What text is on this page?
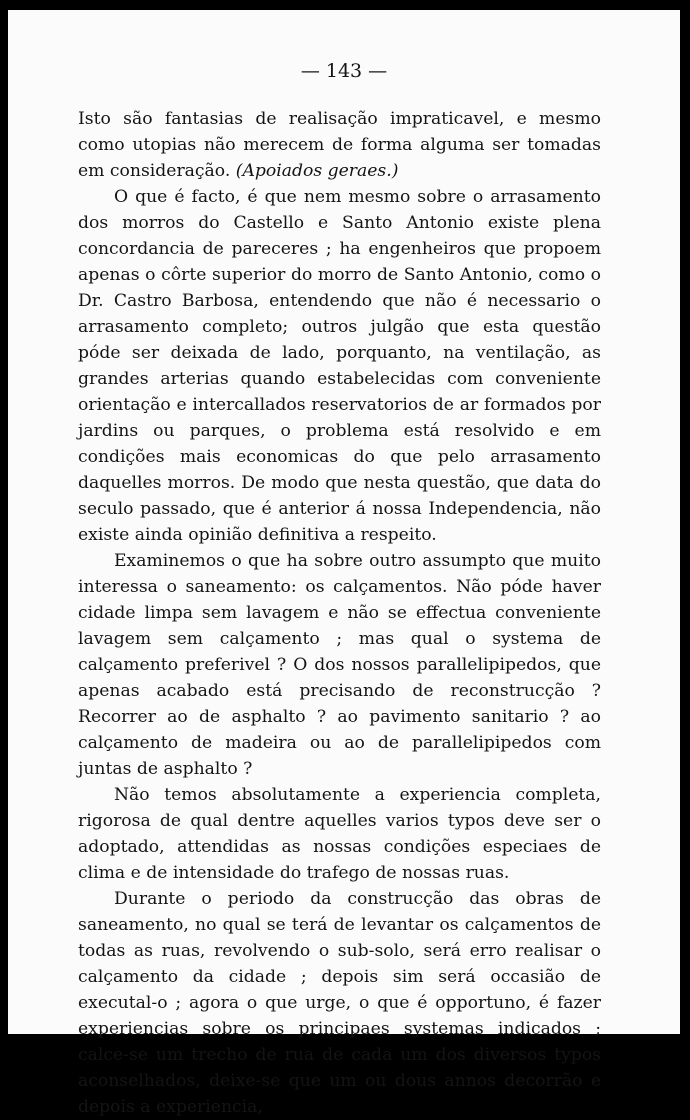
— 143 —

Isto são fantasias de realisação impraticavel, e mesmo como utopias não merecem de forma alguma ser tomadas em consideração. (Apoiados geraes.)

O que é facto, é que nem mesmo sobre o arrasamento dos morros do Castello e Santo Antonio existe plena concordancia de pareceres ; ha engenheiros que propoem apenas o côrte superior do morro de Santo Antonio, como o Dr. Castro Barbosa, entendendo que não é necessario o arrasamento completo; outros julgão que esta questão póde ser deixada de lado, porquanto, na ventilação, as grandes arterias quando estabelecidas com conveniente orientação e intercallados reservatorios de ar formados por jardins ou parques, o problema está resolvido e em condições mais economicas do que pelo arrasamento daquelles morros. De modo que nesta questão, que data do seculo passado, que é anterior á nossa Independencia, não existe ainda opinião definitiva a respeito.

Examinemos o que ha sobre outro assumpto que muito interessa o saneamento: os calçamentos. Não póde haver cidade limpa sem lavagem e não se effectua conveniente lavagem sem calçamento ; mas qual o systema de calçamento preferivel ? O dos nossos parallelipipedos, que apenas acabado está precisando de reconstrucção ? Recorrer ao de asphalto ? ao pavimento sanitario ? ao calçamento de madeira ou ao de parallelipipedos com juntas de asphalto ?

Não temos absolutamente a experiencia completa, rigorosa de qual dentre aquelles varios typos deve ser o adoptado, attendidas as nossas condições especiaes de clima e de intensidade do trafego de nossas ruas.

Durante o periodo da construcção das obras de saneamento, no qual se terá de levantar os calçamentos de todas as ruas, revolvendo o sub-solo, será erro realisar o calçamento da cidade ; depois sim será occasião de executal-o ; agora o que urge, o que é opportuno, é fazer experiencias sobre os principaes systemas indicados ; calce-se um trecho de rua de cada um dos diversos typos aconselhados, deixe-se que um ou dous annos decorrão e depois a experiencia,
